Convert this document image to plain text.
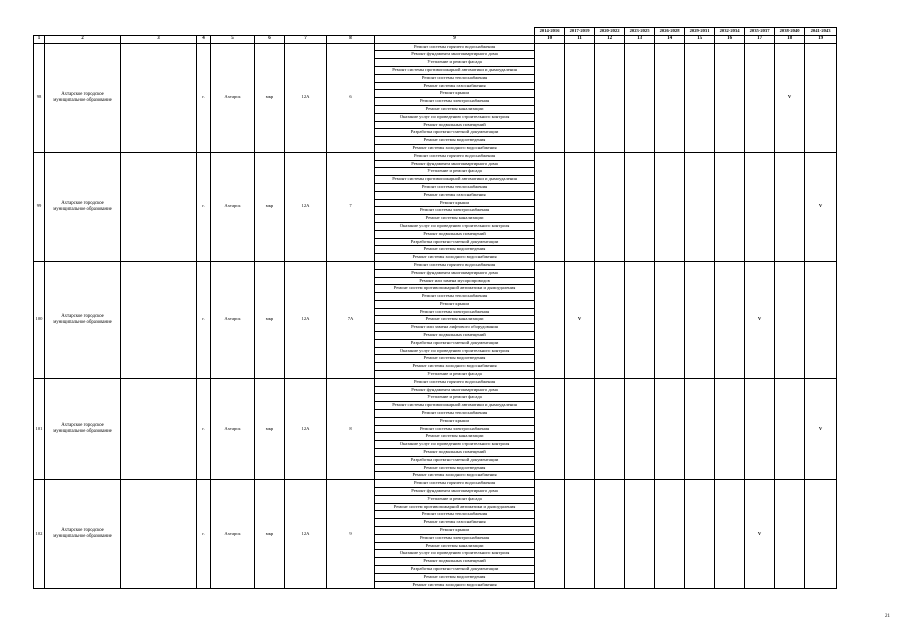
									2014-2016	2017-2019	2020-2022	2023-2025	2026-2028	2029-2031	2032-2034	2035-2037	2038-2040	2041-2043
1	2	3	4	5	6	7	8	9	10	11	12	13	14	15	16	17	18	19
98	Ахтарское городское муниципальное образование		г.	Ахтарск	мкр	12А	6	Ремонт системы горячего водоснабжения									V	
								Ремонт фундамента многоквартирного дома										
								Утепление и ремонт фасада										
								Ремонт системы противопожарной автоматики и дымоудаления										
								Ремонт системы теплоснабжения										
								Ремонт системы газоснабжения										
								Ремонт крыши										
								Ремонт системы электроснабжения										
								Ремонт системы канализации										
								Оказание услуг по проведению строительного контроля										
								Ремонт подвальных помещений										
								Разработка проектно-сметной документации										
								Ремонт системы водоотведения										
								Ремонт системы холодного водоснабжения										
99	Ахтарское городское муниципальное образование		г.	Ахтарск	мкр	12А	7	Ремонт системы горячего водоснабжения										V
								Ремонт фундамента многоквартирного дома										
								Утепление и ремонт фасада										
								Ремонт системы противопожарной автоматики и дымоудаления										
								Ремонт системы теплоснабжения										
								Ремонт системы газоснабжения										
								Ремонт крыши										
								Ремонт системы электроснабжения										
								Ремонт системы канализации										
								Оказание услуг по проведению строительного контроля										
								Ремонт подвальных помещений										
								Разработка проектно-сметной документации										
								Ремонт системы водоотведения										
								Ремонт системы холодного водоснабжения										
100	Ахтарское городское муниципальное образование		г.	Ахтарск	мкр	12А	7А	Ремонт системы горячего водоснабжения		V						V		
								Ремонт фундамента многоквартирного дома										
								Ремонт или замена мусоропроводов										
								Ремонт систем противопожарной автоматики и дымоудаления										
								Ремонт системы теплоснабжения										
								Ремонт крыши										
								Ремонт системы электроснабжения										
								Ремонт системы канализации										
								Ремонт или замена лифтового оборудования										
								Ремонт подвальных помещений										
								Разработка проектно-сметной документации										
								Оказание услуг по проведению строительного контроля										
								Ремонт системы водоотведения										
								Ремонт системы холодного водоснабжения										
								Утепление и ремонт фасада										
101	Ахтарское городское муниципальное образование		г.	Ахтарск	мкр	12А	8	Ремонт системы горячего водоснабжения										V
								Ремонт фундамента многоквартирного дома										
								Утепление и ремонт фасада										
								Ремонт системы противопожарной автоматики и дымоудаления										
								Ремонт системы теплоснабжения										
								Ремонт крыши										
								Ремонт системы электроснабжения										
								Ремонт системы канализации										
								Оказание услуг по проведению строительного контроля										
								Ремонт подвальных помещений										
								Разработка проектно-сметной документации										
								Ремонт системы водоотведения										
								Ремонт системы холодного водоснабжения										
102	Ахтарское городское муниципальное образование		г.	Ахтарск	мкр	12А	9	Ремонт системы горячего водоснабжения								V		
								Ремонт фундамента многоквартирного дома										
								Утепление и ремонт фасада										
								Ремонт систем противопожарной автоматики и дымоудаления										
								Ремонт системы теплоснабжения										
								Ремонт системы газоснабжения										
								Ремонт крыши										
								Ремонт системы электроснабжения										
								Ремонт системы канализации										
								Оказание услуг по проведению строительного контроля										
								Ремонт подвальных помещений										
								Разработка проектно-сметной документации										
								Ремонт системы водоотведения										
								Ремонт системы холодного водоснабжения										
21
